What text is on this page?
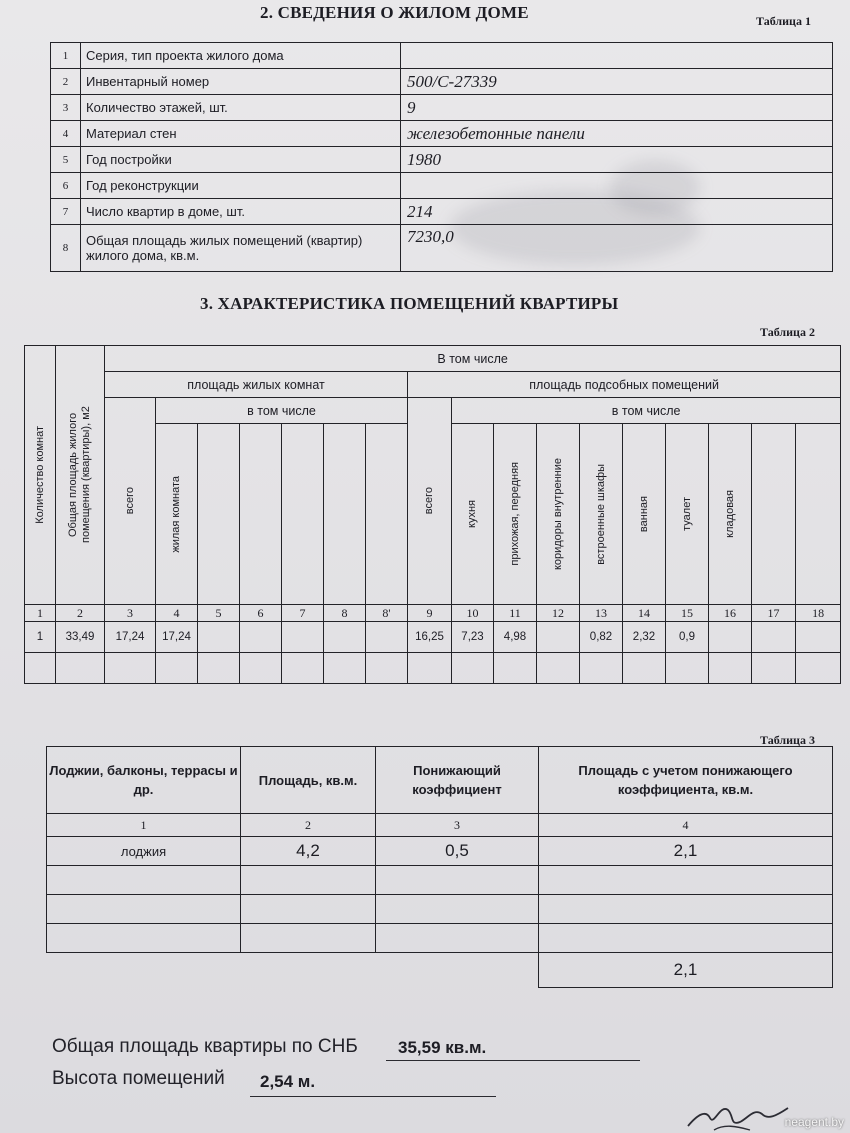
2. СВЕДЕНИЯ О ЖИЛОМ ДОМЕ	Таблица 1

1	Серия, тип проекта жилого дома	
2	Инвентарный номер	500/С-27339
3	Количество этажей, шт.	9
4	Материал стен	железобетонные панели
5	Год постройки	1980
6	Год реконструкции	
7	Число квартир в доме, шт.	214
8	Общая площадь жилых помещений (квартир) жилого дома, кв.м.	7230,0
3. ХАРАКТЕРИСТИКА ПОМЕЩЕНИЙ КВАРТИРЫ

Таблица 2

Количество комнат	Общая площадь жилого помещения (квартиры), м2	В том числе																
		площадь жилых комнат							площадь подсобных помещений									

		всего	в том числе						всего	в том числе								

			жилая комната							кухня	прихожая, передняя	коридоры внутренние	встроенные шкафы	ванная	туалет	кладовая		

1	2	3	4	5	6	7	8	8'	9	10	11	12	13	14	15	16	17	18
1	33,49	17,24	17,24						16,25	7,23	4,98		0,82	2,32	0,9			

Таблица 3

Лоджии, балконы, террасы и др.	Площадь, кв.м.	Понижающий коэффициент	Площадь с учетом понижающего коэффициента, кв.м.
1	2	3	4
лоджия	4,2	0,5	2,1

			2,1
Общая площадь квартиры по СНБ 35,59 кв.м.
Высота помещений 2,54 м.
neagent.by
